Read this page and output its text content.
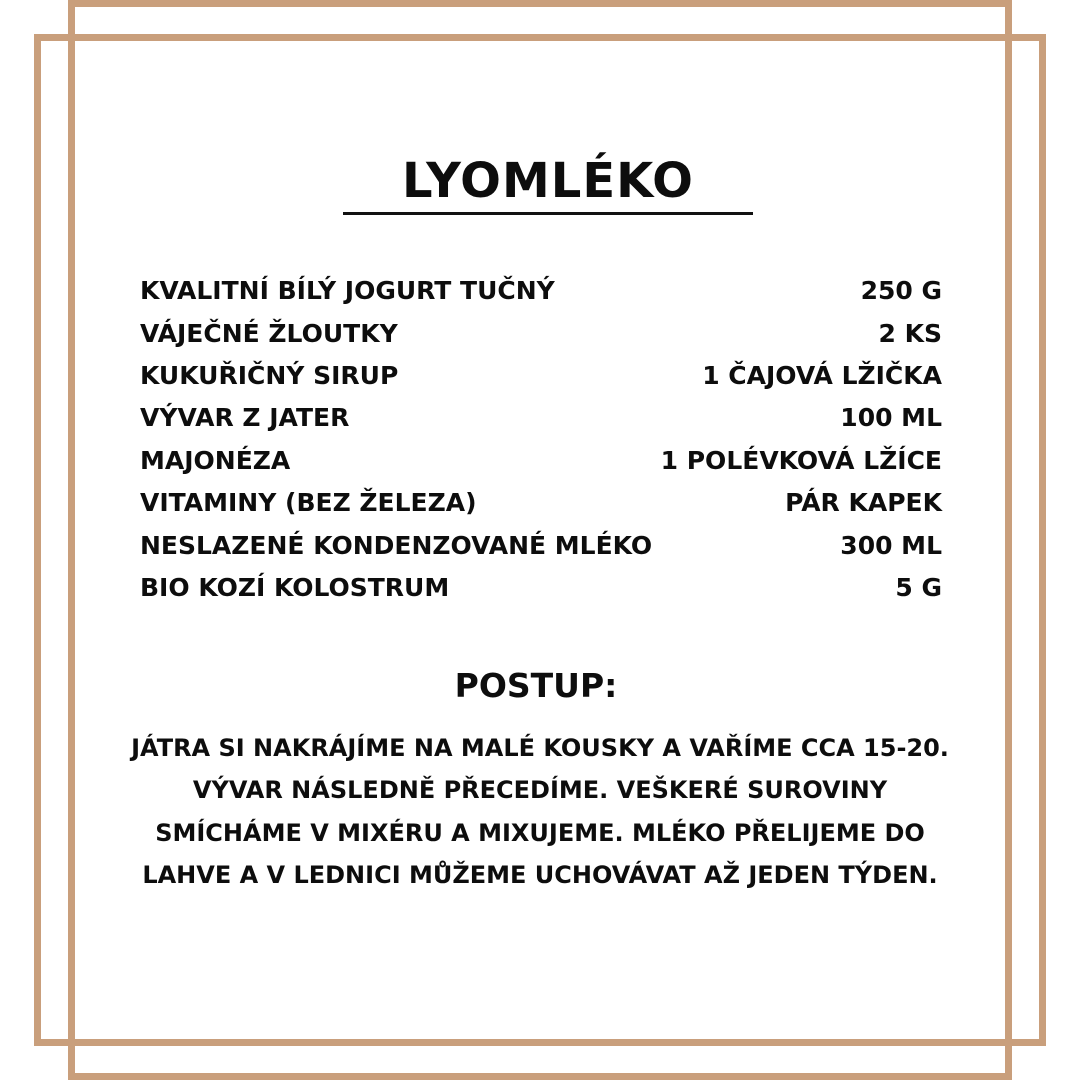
LYOMLÉKO
KVALITNÍ BÍLÝ JOGURT TUČNÝ	250 G
VÁJEČNÉ ŽLOUTKY	2 KS
KUKUŘIČNÝ SIRUP	1 ČAJOVÁ LŽIČKA
VÝVAR Z JATER	100 ML
MAJONÉZA	1 POLÉVKOVÁ LŽÍCE
VITAMINY (BEZ ŽELEZA)	PÁR KAPEK
NESLAZENÉ KONDENZOVANÉ MLÉKO	300 ML
BIO KOZÍ KOLOSTRUM	5 G
POSTUP:

JÁTRA SI NAKRÁJÍME NA MALÉ KOUSKY A VAŘÍME CCA 15-20. VÝVAR NÁSLEDNĚ PŘECEDÍME. VEŠKERÉ SUROVINY SMÍCHÁME V MIXÉRU A MIXUJEME. MLÉKO PŘELIJEME DO LAHVE A V LEDNICI MŮŽEME UCHOVÁVAT AŽ JEDEN TÝDEN.
